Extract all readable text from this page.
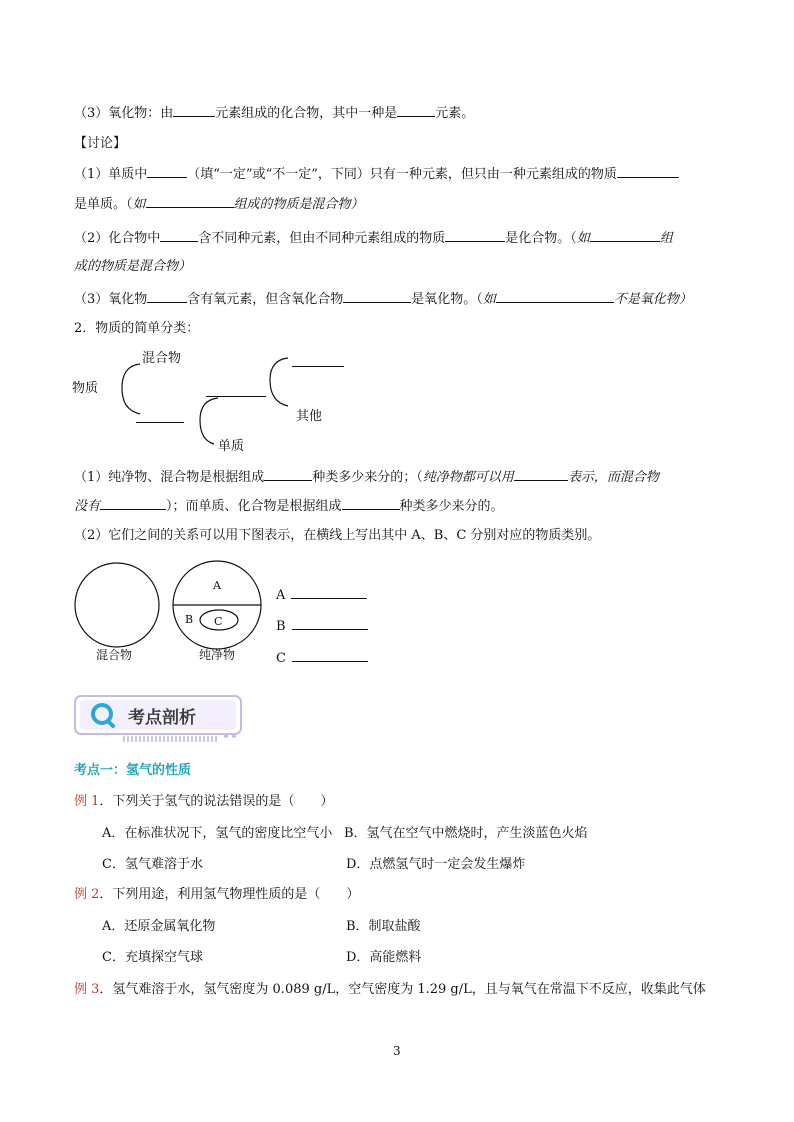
（3）氧化物：由	元素组成的化合物，其中一种是	元素。
【讨论】
（1）单质中	（填“一定”或“不一定”，下同）只有一种元素，但只由一种元素组成的物质
是单质。（如	组成的物质是混合物）
（2）化合物中	含不同种元素，但由不同种元素组成的物质	是化合物。（如	组
成的物质是混合物）
（3）氧化物	含有氧元素，但含氧化合物	是氧化物。（如	不是氧化物）
2．物质的简单分类：
物质
混合物
其他
单质
（1）纯净物、混合物是根据组成	种类多少来分的；（纯净物都可以用	表示，而混合物
没有	）；而单质、化合物是根据组成	种类多少来分的。
（2）它们之间的关系可以用下图表示，在横线上写出其中 A、B、C 分别对应的物质类别。
A
B C
混合物	纯净物
A
B
C
考点剖析
考点一：氢气的性质
例 1．下列关于氢气的说法错误的是（　　）
A．在标准状况下，氢气的密度比空气小 B．氢气在空气中燃烧时，产生淡蓝色火焰
C．氢气难溶于水	D．点燃氢气时一定会发生爆炸
例 2．下列用途，利用氢气物理性质的是（　　）
A．还原金属氧化物	B．制取盐酸
C．充填探空气球	D．高能燃料
例 3．氢气难溶于水，氢气密度为 0.089 g/L，空气密度为 1.29 g/L，且与氧气在常温下不反应，收集此气体
3
